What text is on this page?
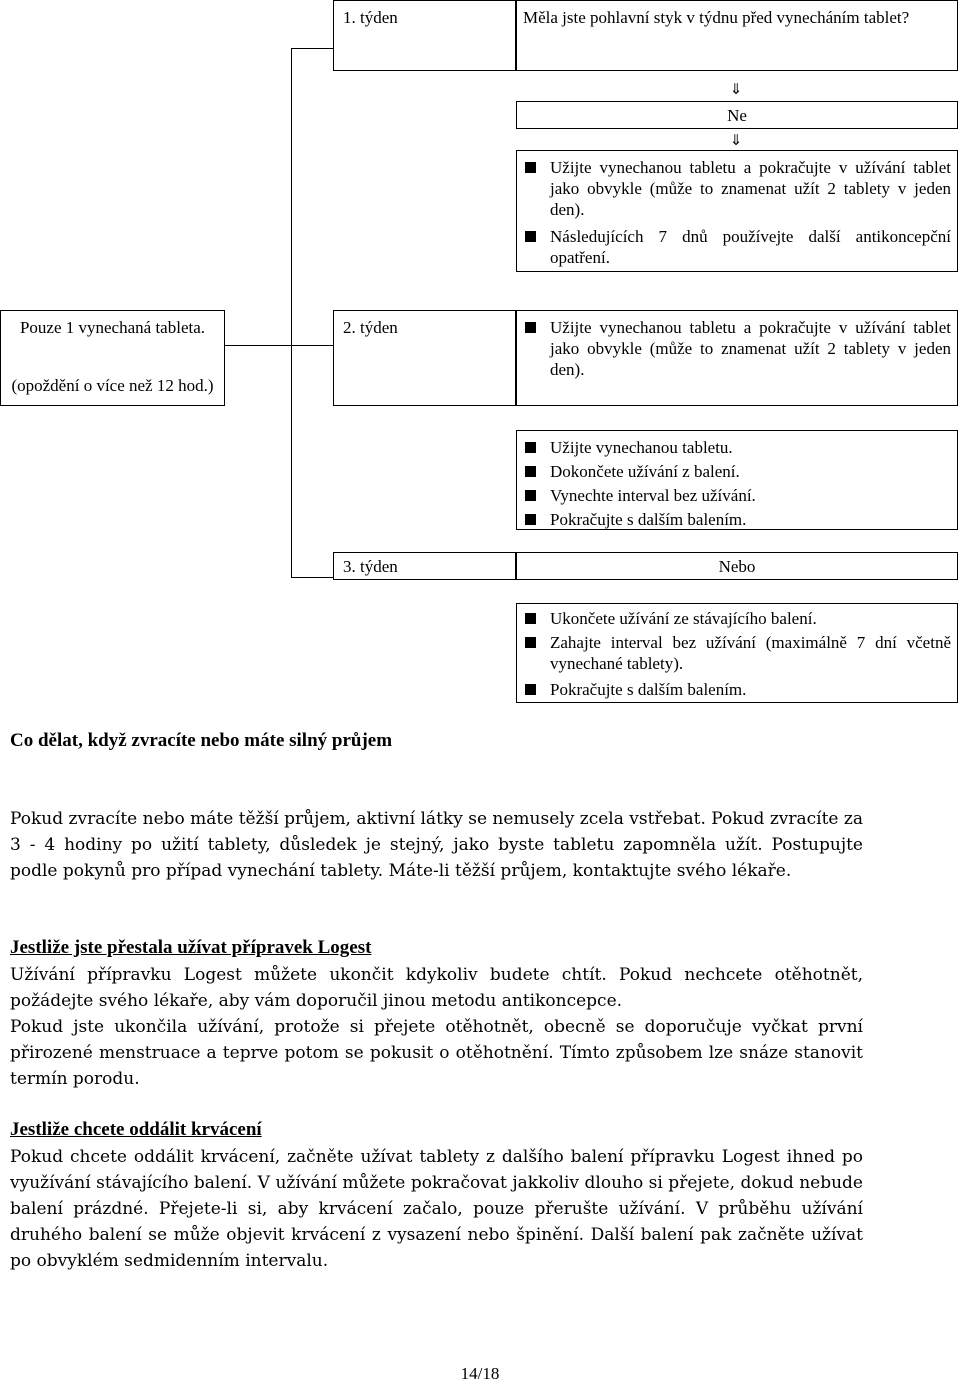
1. týden	Měla jste pohlavní styk v týdnu před vynecháním tablet?
⇓
Ne
⇓
Užijte vynechanou tabletu a pokračujte v užívání tablet jako obvykle (může to znamenat užít 2 tablety v jeden den).
Následujících 7 dnů používejte další antikoncepční opatření.
Pouze 1 vynechaná tableta.
(opoždění o více než 12 hod.)
2. týden	Užijte vynechanou tabletu a pokračujte v užívání tablet jako obvykle (může to znamenat užít 2 tablety v jeden den).
Užijte vynechanou tabletu.
Dokončete užívání z balení.
Vynechte interval bez užívání.
Pokračujte s dalším balením.
3. týden	Nebo
Ukončete užívání ze stávajícího balení.
Zahajte interval bez užívání (maximálně 7 dní včetně vynechané tablety).
Pokračujte s dalším balením.
Co dělat, když zvracíte nebo máte silný průjem
Pokud zvracíte nebo máte těžší průjem, aktivní látky se nemusely zcela vstřebat. Pokud zvracíte za 3 - 4 hodiny po užití tablety, důsledek je stejný, jako byste tabletu zapomněla užít. Postupujte podle pokynů pro případ vynechání tablety. Máte-li těžší průjem, kontaktujte svého lékaře.
Jestliže jste přestala užívat přípravek Logest
Užívání přípravku Logest můžete ukončit kdykoliv budete chtít. Pokud nechcete otěhotnět, požádejte svého lékaře, aby vám doporučil jinou metodu antikoncepce.
Pokud jste ukončila užívání, protože si přejete otěhotnět, obecně se doporučuje vyčkat první přirozené menstruace a teprve potom se pokusit o otěhotnění. Tímto způsobem lze snáze stanovit termín porodu.
Jestliže chcete oddálit krvácení
Pokud chcete oddálit krvácení, začněte užívat tablety z dalšího balení přípravku Logest ihned po využívání stávajícího balení. V užívání můžete pokračovat jakkoliv dlouho si přejete, dokud nebude balení prázdné. Přejete-li si, aby krvácení začalo, pouze přerušte užívání. V průběhu užívání druhého balení se může objevit krvácení z vysazení nebo špinění. Další balení pak začněte užívat po obvyklém sedmidenním intervalu.
14/18
